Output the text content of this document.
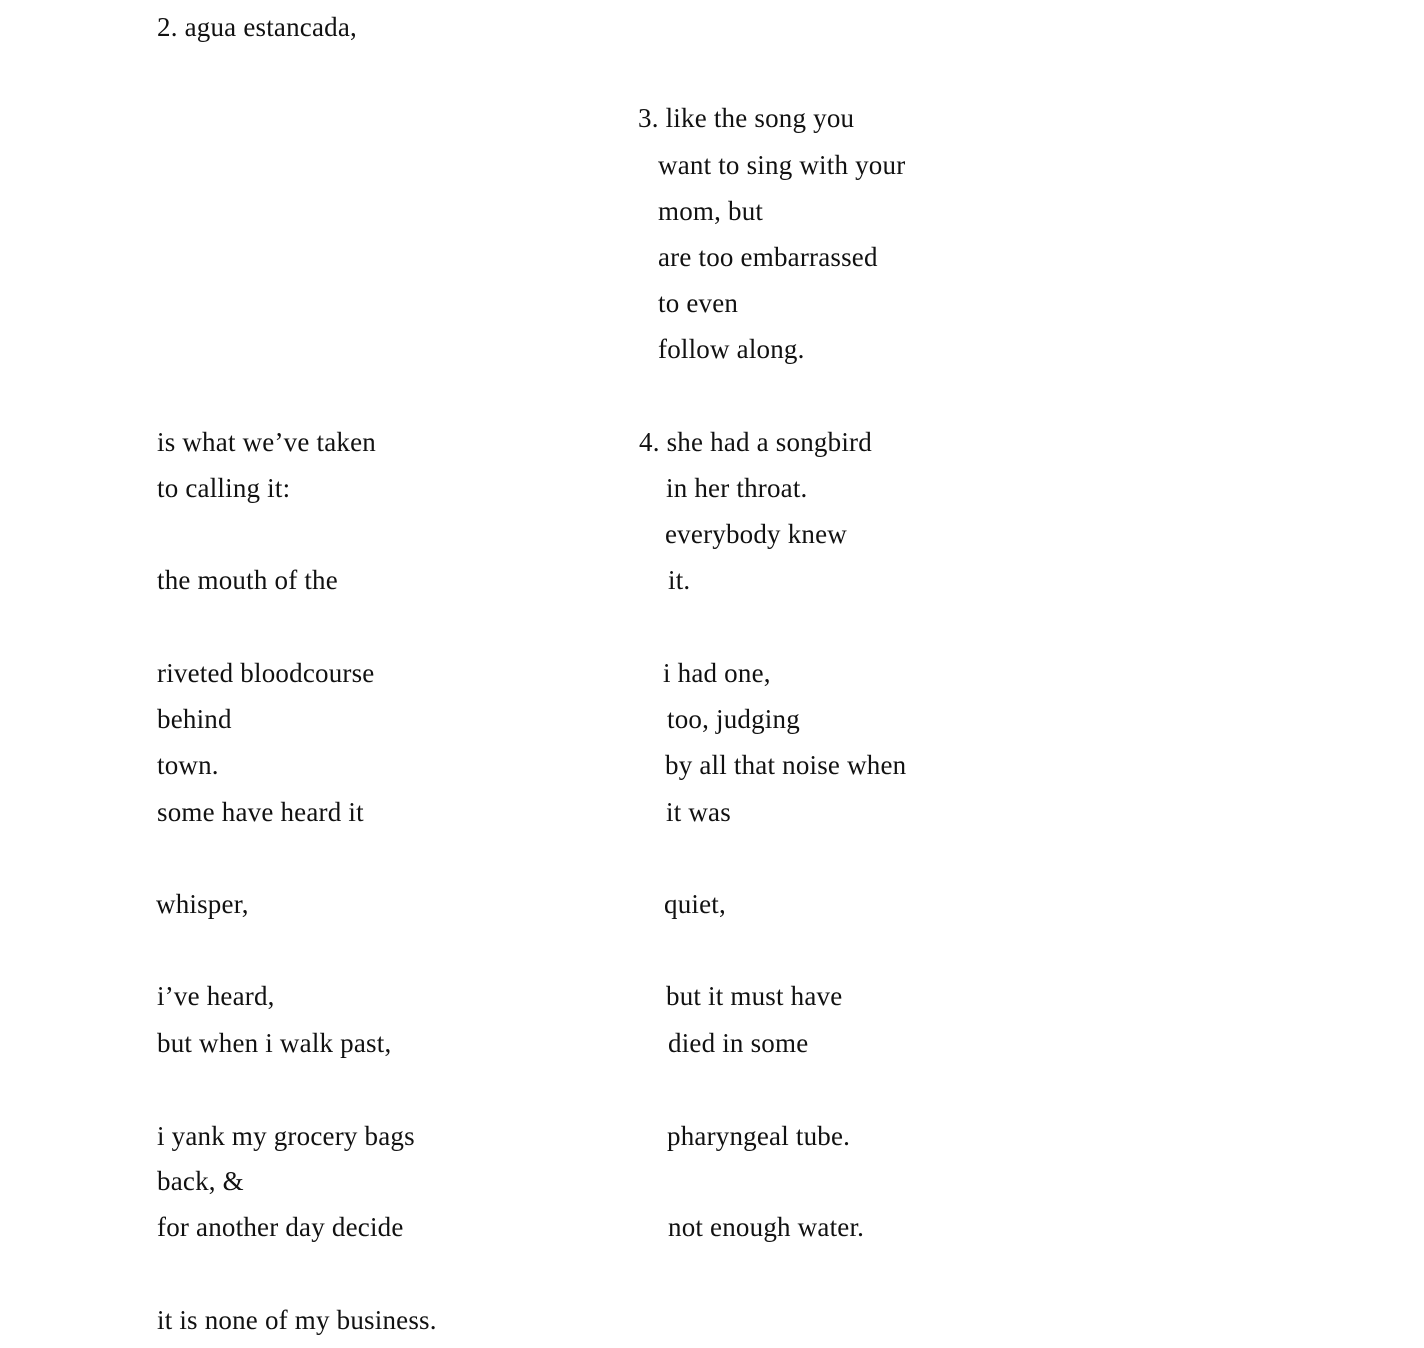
2. agua estancada,
is what we’ve taken
to calling it:
the mouth of the
riveted bloodcourse
behind
town.
some have heard it
whisper,
i’ve heard,
but when i walk past,
i yank my grocery bags
back, &
for another day decide
it is none of my business.
3. like the song you
want to sing with your
mom, but
are too embarrassed
to even
follow along.
4. she had a songbird
in her throat.
everybody knew
it.
i had one,
too, judging
by all that noise when
it was
quiet,
but it must have
died in some
pharyngeal tube.
not enough water.
